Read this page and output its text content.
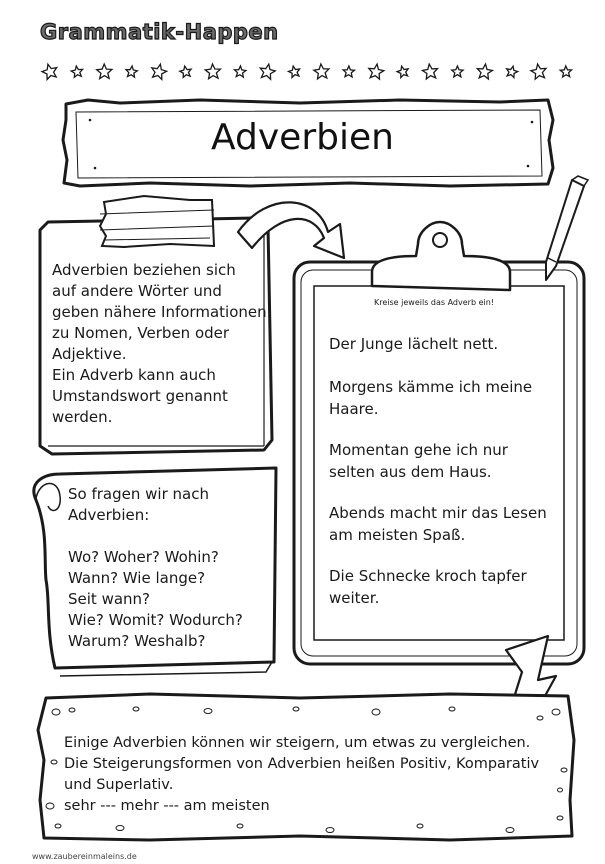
Grammatik-Happen
Adverbien
Adverbien beziehen sich
auf andere Wörter und
geben nähere Informationen
zu Nomen, Verben oder
Adjektive.
Ein Adverb kann auch
Umstandswort genannt
werden.
So fragen wir nach
Adverbien:

Wo? Woher? Wohin?
Wann? Wie lange?
Seit wann?
Wie? Womit? Wodurch?
Warum? Weshalb?
Kreise jeweils das Adverb ein!
Der Junge lächelt nett.
Morgens kämme ich meine
Haare.
Momentan gehe ich nur
selten aus dem Haus.
Abends macht mir das Lesen
am meisten Spaß.
Die Schnecke kroch tapfer
weiter.
Einige Adverbien können wir steigern, um etwas zu vergleichen.
Die Steigerungsformen von Adverbien heißen Positiv, Komparativ
und Superlativ.
sehr --- mehr --- am meisten
www.zaubereinmaleins.de
